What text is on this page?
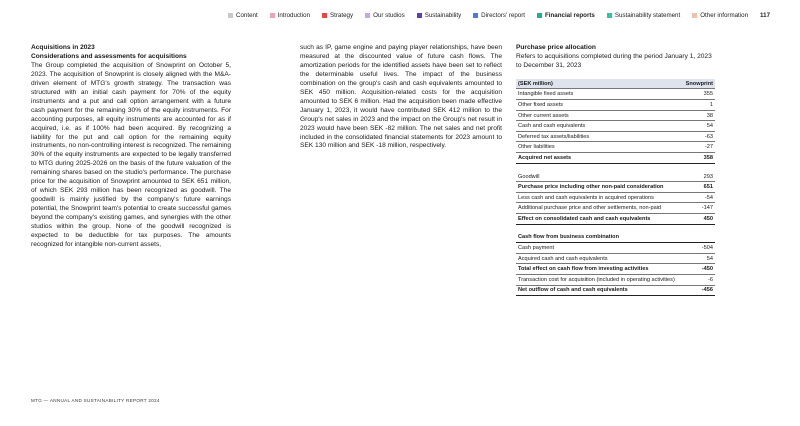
Content	Introduction	Strategy	Our studios	Sustainability	Directors' report	Financial reports	Sustainability statement	Other information 117
Acquisitions in 2023
Considerations and assessments for acquisitions
The Group completed the acquisition of Snowprint on October 5, 2023. The acquisition of Snowprint is closely aligned with the M&A-driven element of MTG's growth strategy. The transaction was structured with an initial cash payment for 70% of the equity instruments and a put and call option arrangement with a future cash payment for the remaining 30% of the equity instruments. For accounting purposes, all equity instruments are accounted for as if acquired, i.e. as if 100% had been acquired. By recognizing a liability for the put and call option for the remaining equity instruments, no non-controlling interest is recognized. The remaining 30% of the equity instruments are expected to be legally transferred to MTG during 2025-2026 on the basis of the future valuation of the remaining shares based on the studio's performance. The purchase price for the acquisition of Snowprint amounted to SEK 651 million, of which SEK 293 million has been recognized as goodwill. The goodwill is mainly justified by the company's future earnings potential, the Snowprint team's potential to create successful games beyond the company's existing games, and synergies with the other studios within the group. None of the goodwill recognized is expected to be deductible for tax purposes. The amounts recognized for intangible non-current assets,
such as IP, game engine and paying player relationships, have been measured at the discounted value of future cash flows. The amortization periods for the identified assets have been set to reflect the determinable useful lives. The impact of the business combination on the group's cash and cash equivalents amounted to SEK 450 million. Acquisition-related costs for the acquisition amounted to SEK 6 million. Had the acquisition been made effective January 1, 2023, it would have contributed SEK 412 million to the Group's net sales in 2023 and the impact on the Group's net result in 2023 would have been SEK -82 million. The net sales and net profit included in the consolidated financial statements for 2023 amount to SEK 130 million and SEK -18 million, respectively.
Purchase price allocation
Refers to acquisitions completed during the period January 1, 2023 to December 31, 2023
(SEK million)	Snowprint
Intangible fixed assets	355
Other fixed assets	1
Other current assets	38
Cash and cash equivalents	54
Deferred tax assets/liabilities	-63
Other liabilities	-27
Acquired net assets	358
Goodwill	293
Purchase price including other non-paid consideration	651
Less cash and cash equivalents in acquired operations	-54
Additional purchase price and other settlements, non-paid	-147
Effect on consolidated cash and cash equivalents	450
Cash flow from business combination
Cash payment	-504
Acquired cash and cash equivalents	54
Total effect on cash flow from investing activities	-450
Transaction cost for acquisition (included in operating activities)	-6
Net outflow of cash and cash equivalents	-456
MTG — ANNUAL AND SUSTAINABILITY REPORT 2024
